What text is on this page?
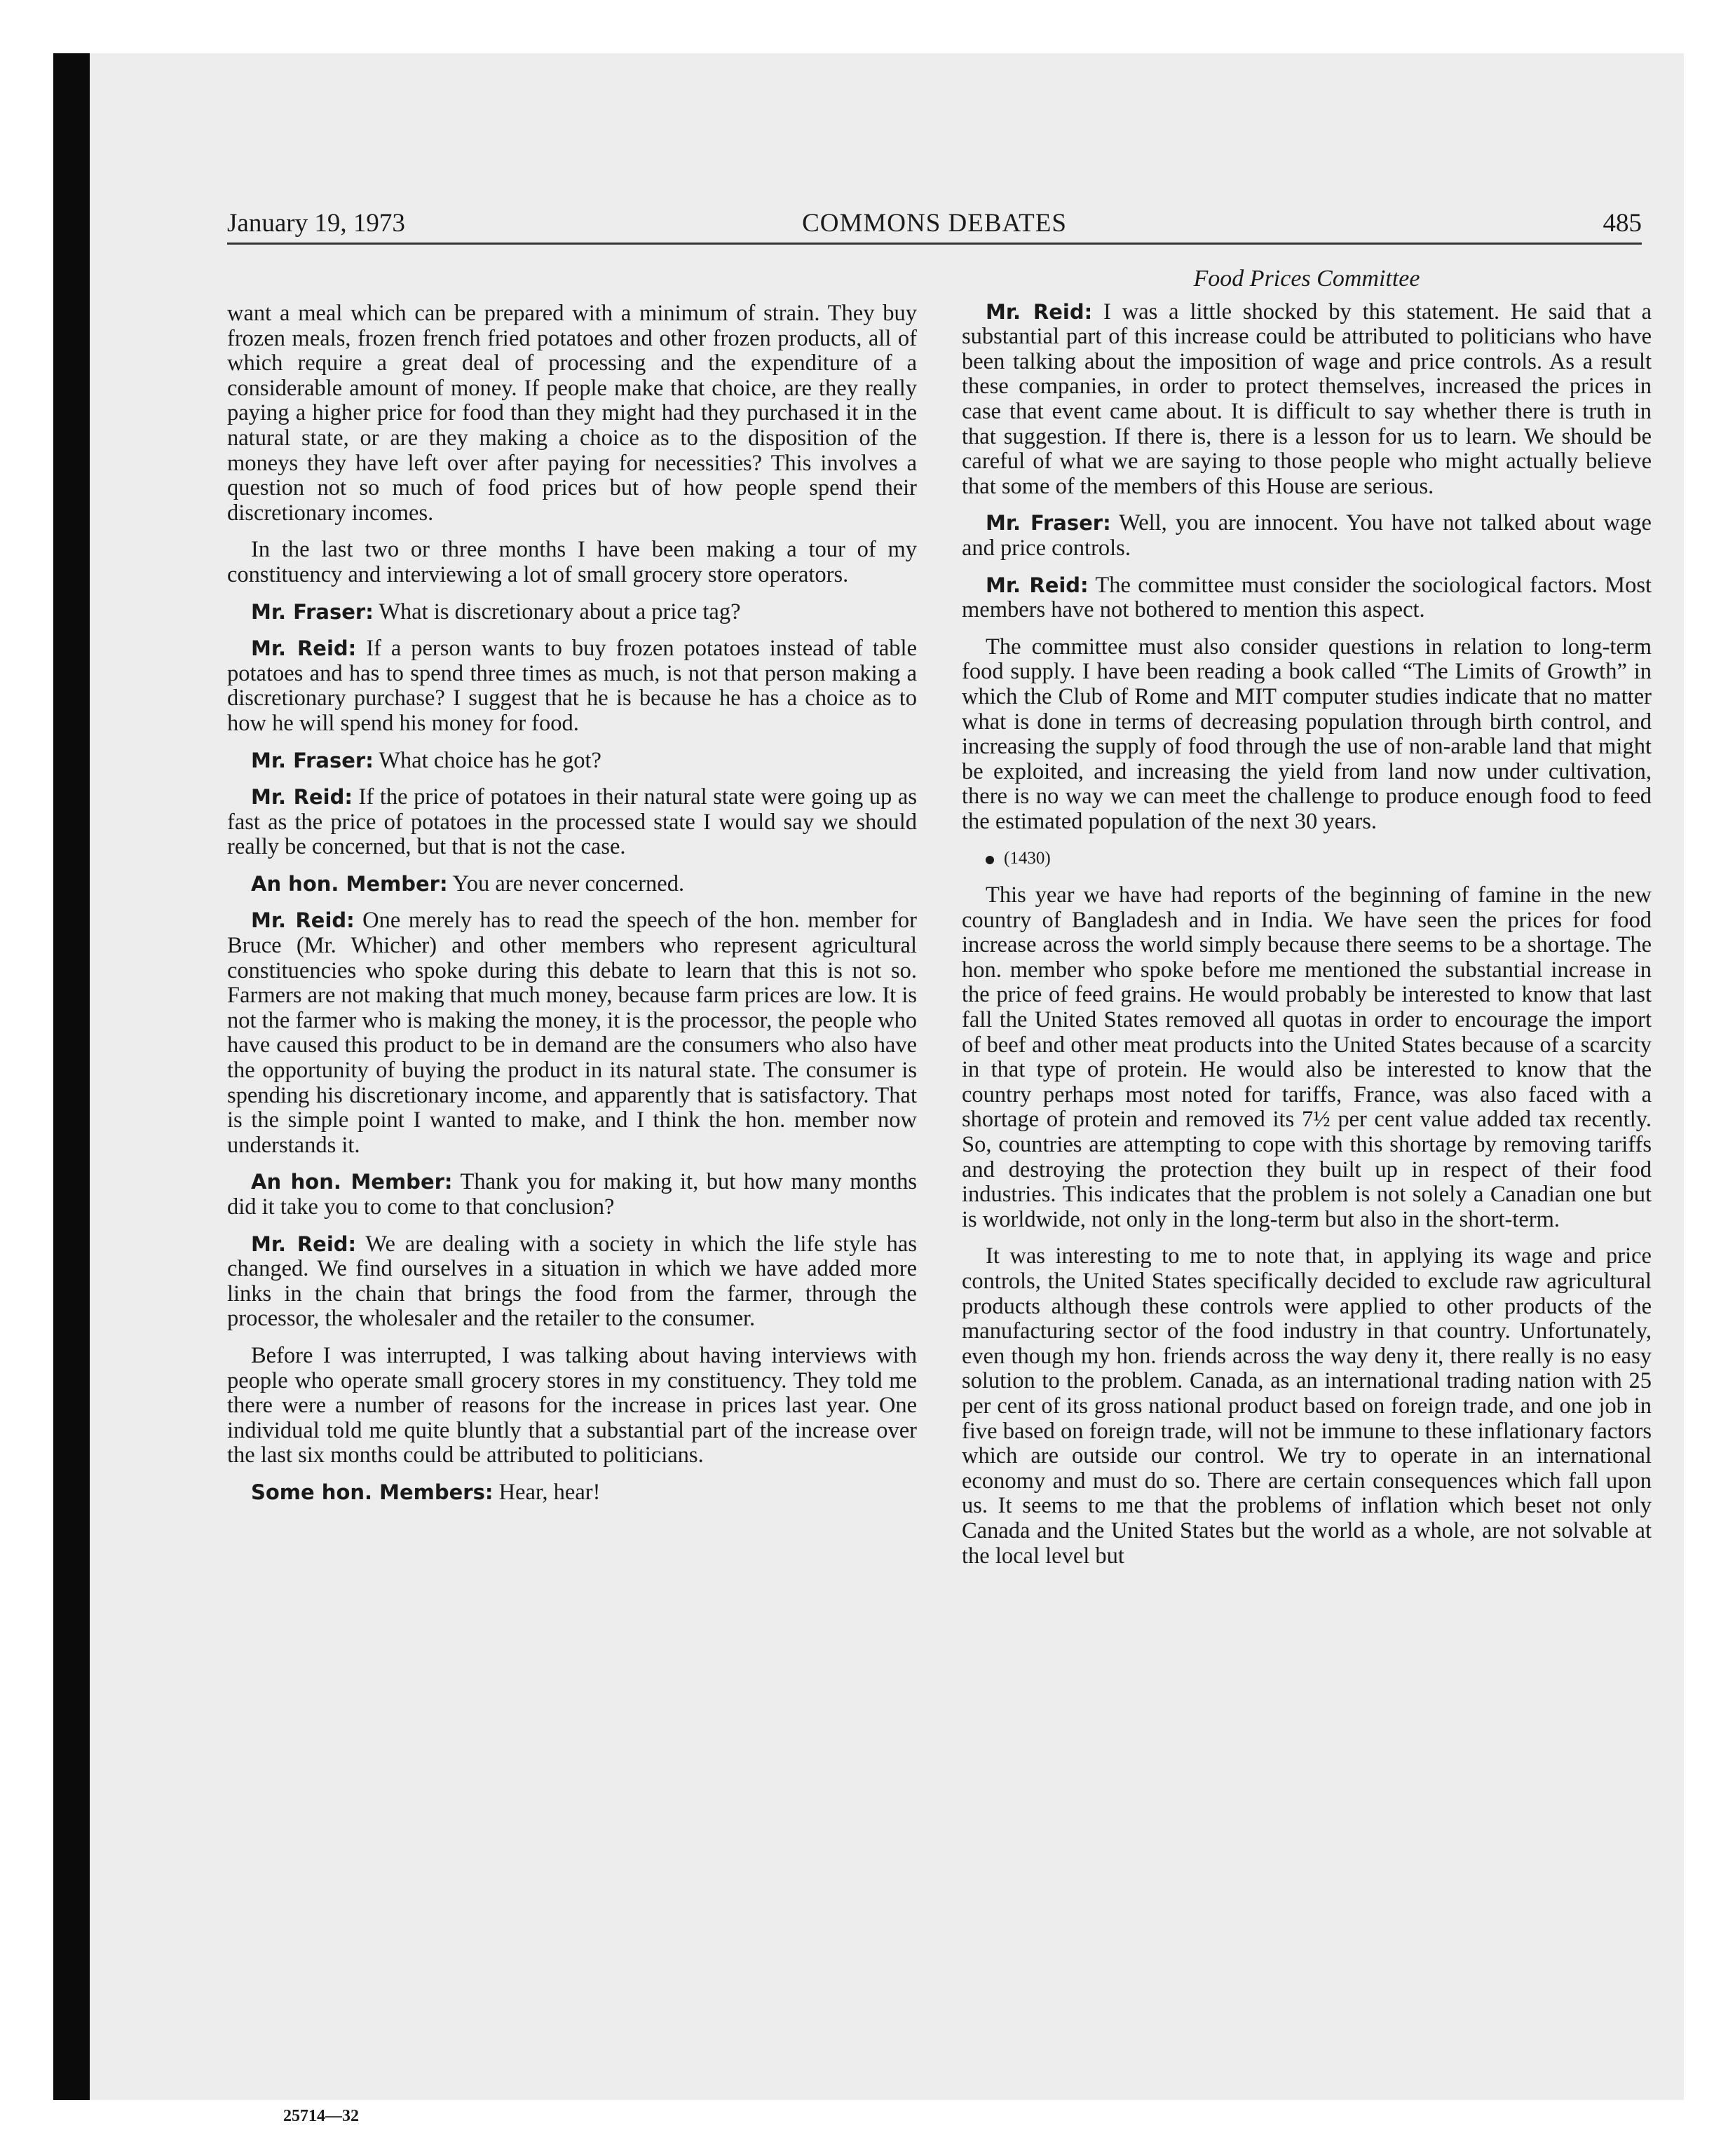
January 19, 1973	COMMONS DEBATES	485

want a meal which can be prepared with a minimum of strain. They buy frozen meals, frozen french fried potatoes and other frozen products, all of which require a great deal of processing and the expenditure of a considerable amount of money. If people make that choice, are they really paying a higher price for food than they might had they purchased it in the natural state, or are they making a choice as to the disposition of the moneys they have left over after paying for necessities? This involves a question not so much of food prices but of how people spend their discretionary incomes.

In the last two or three months I have been making a tour of my constituency and interviewing a lot of small grocery store operators.

Mr. Fraser: What is discretionary about a price tag?

Mr. Reid: If a person wants to buy frozen potatoes instead of table potatoes and has to spend three times as much, is not that person making a discretionary purchase? I suggest that he is because he has a choice as to how he will spend his money for food.

Mr. Fraser: What choice has he got?

Mr. Reid: If the price of potatoes in their natural state were going up as fast as the price of potatoes in the processed state I would say we should really be concerned, but that is not the case.

An hon. Member: You are never concerned.

Mr. Reid: One merely has to read the speech of the hon. member for Bruce (Mr. Whicher) and other members who represent agricultural constituencies who spoke during this debate to learn that this is not so. Farmers are not making that much money, because farm prices are low. It is not the farmer who is making the money, it is the processor, the people who have caused this product to be in demand are the consumers who also have the opportunity of buying the product in its natural state. The consumer is spending his discretionary income, and apparently that is satisfactory. That is the simple point I wanted to make, and I think the hon. member now understands it.

An hon. Member: Thank you for making it, but how many months did it take you to come to that conclusion?

Mr. Reid: We are dealing with a society in which the life style has changed. We find ourselves in a situation in which we have added more links in the chain that brings the food from the farmer, through the processor, the wholesaler and the retailer to the consumer.

Before I was interrupted, I was talking about having interviews with people who operate small grocery stores in my constituency. They told me there were a number of reasons for the increase in prices last year. One individual told me quite bluntly that a substantial part of the increase over the last six months could be attributed to politicians.

Some hon. Members: Hear, hear!

Food Prices Committee

Mr. Reid: I was a little shocked by this statement. He said that a substantial part of this increase could be attributed to politicians who have been talking about the imposition of wage and price controls. As a result these companies, in order to protect themselves, increased the prices in case that event came about. It is difficult to say whether there is truth in that suggestion. If there is, there is a lesson for us to learn. We should be careful of what we are saying to those people who might actually believe that some of the members of this House are serious.

Mr. Fraser: Well, you are innocent. You have not talked about wage and price controls.

Mr. Reid: The committee must consider the sociological factors. Most members have not bothered to mention this aspect.

The committee must also consider questions in relation to long-term food supply. I have been reading a book called “The Limits of Growth” in which the Club of Rome and MIT computer studies indicate that no matter what is done in terms of decreasing population through birth control, and increasing the supply of food through the use of non-arable land that might be exploited, and increasing the yield from land now under cultivation, there is no way we can meet the challenge to produce enough food to feed the estimated population of the next 30 years.

(1430)

This year we have had reports of the beginning of famine in the new country of Bangladesh and in India. We have seen the prices for food increase across the world simply because there seems to be a shortage. The hon. member who spoke before me mentioned the substantial increase in the price of feed grains. He would probably be interested to know that last fall the United States removed all quotas in order to encourage the import of beef and other meat products into the United States because of a scarcity in that type of protein. He would also be interested to know that the country perhaps most noted for tariffs, France, was also faced with a shortage of protein and removed its 7½ per cent value added tax recently. So, countries are attempting to cope with this shortage by removing tariffs and destroying the protection they built up in respect of their food industries. This indicates that the problem is not solely a Canadian one but is worldwide, not only in the long-term but also in the short-term.

It was interesting to me to note that, in applying its wage and price controls, the United States specifically decided to exclude raw agricultural products although these controls were applied to other products of the manufacturing sector of the food industry in that country. Unfortunately, even though my hon. friends across the way deny it, there really is no easy solution to the problem. Canada, as an international trading nation with 25 per cent of its gross national product based on foreign trade, and one job in five based on foreign trade, will not be immune to these inflationary factors which are outside our control. We try to operate in an international economy and must do so. There are certain consequences which fall upon us. It seems to me that the problems of inflation which beset not only Canada and the United States but the world as a whole, are not solvable at the local level but

25714—32
